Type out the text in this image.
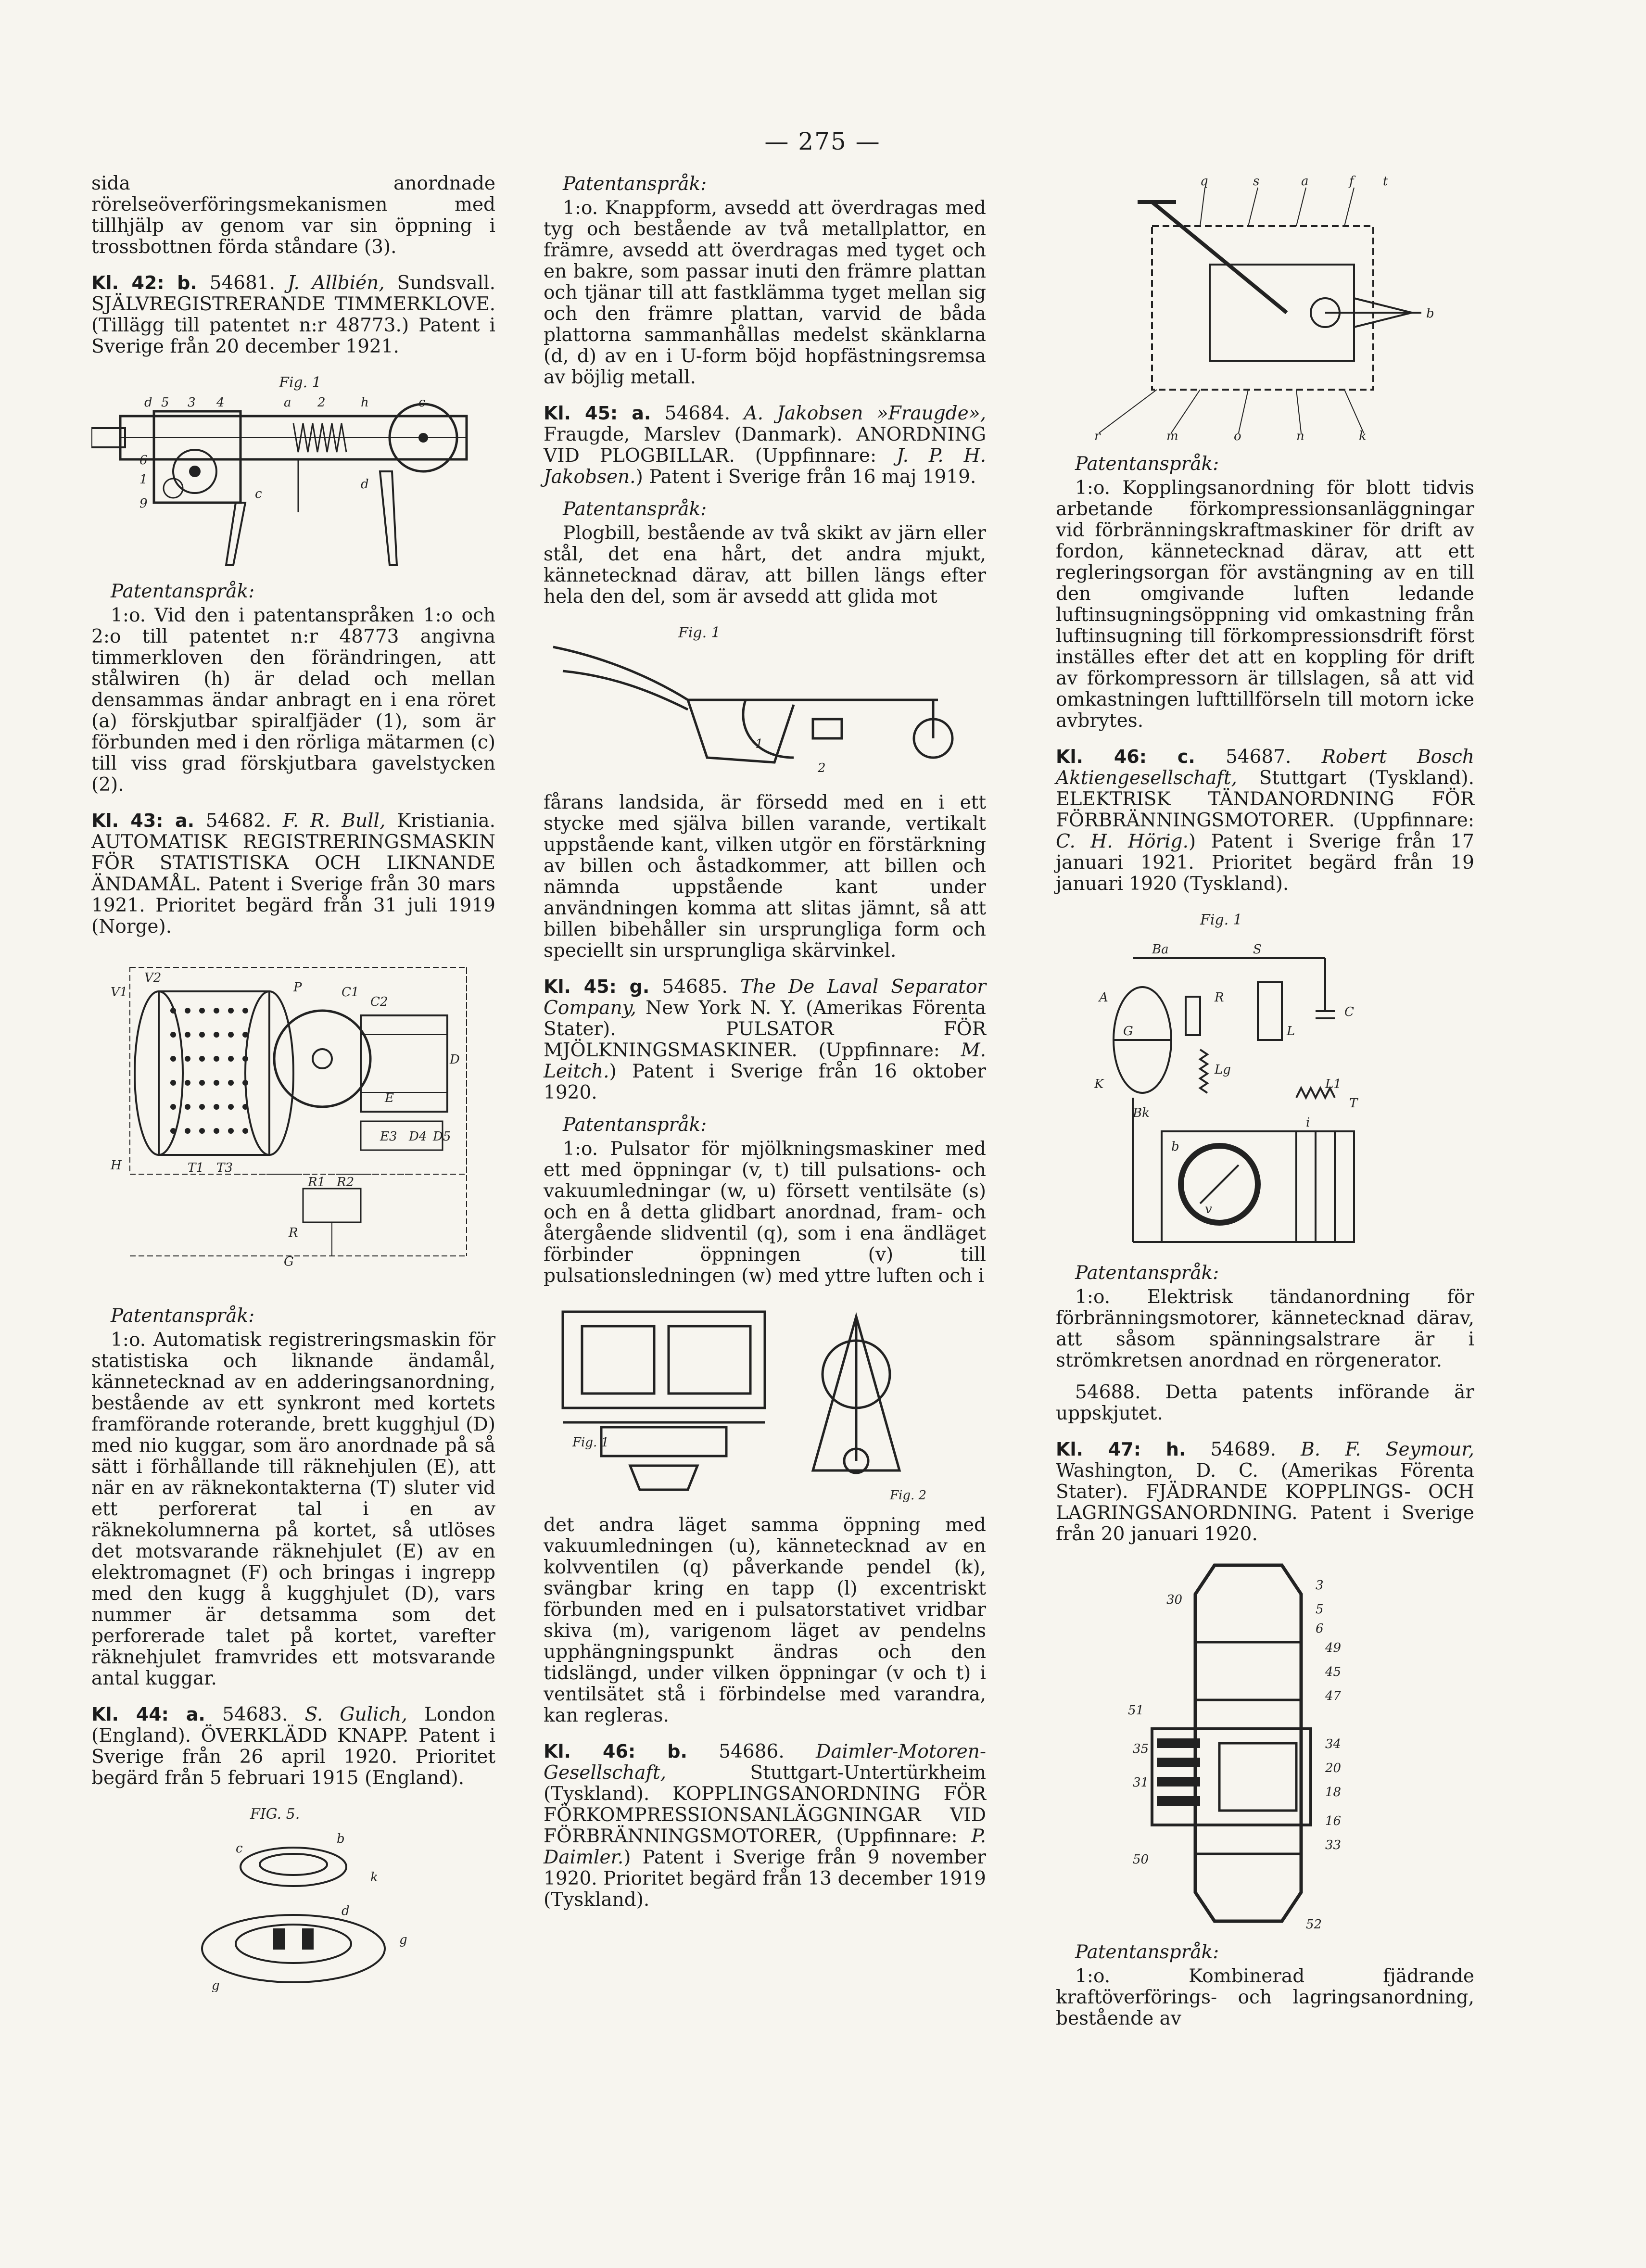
— 275 —

sida anordnade rörelseöverföringsmekanismen med tillhjälp av genom var sin öppning i trossbottnen förda ståndare (3).

Kl. 42: b. 54681. J. Allbién, Sundsvall. SJÄLVREGISTRERANDE TIMMERKLOVE. (Tillägg till patentet n:r 48773.) Patent i Sverige från 20 december 1921.

Fig. 1
d 5 3 4	a 2	h	c
6
1
9
c
d
Patentanspråk:

1:o. Vid den i patentanspråken 1:o och 2:o till patentet n:r 48773 angivna timmerkloven den förändringen, att stålwiren (h) är delad och mellan densammas ändar anbragt en i ena röret (a) förskjutbar spiralfjäder (1), som är förbunden med i den rörliga mätarmen (c) till viss grad förskjutbara gavelstycken (2).

Kl. 43: a. 54682. F. R. Bull, Kristiania. AUTOMATISK REGISTRERINGSMASKIN FÖR STATISTISKA OCH LIKNANDE ÄNDAMÅL. Patent i Sverige från 30 mars 1921. Prioritet begärd från 31 juli 1919 (Norge).

V1
V2
C1
C2
D
P
H	T1 T3
E3 D4 D5
R1 R2
R
G
E
Patentanspråk:

1:o. Automatisk registreringsmaskin för statistiska och liknande ändamål, kännetecknad av en adderingsanordning, bestående av ett synkront med kortets framförande roterande, brett kugghjul (D) med nio kuggar, som äro anordnade på så sätt i förhållande till räknehjulen (E), att när en av räknekontakterna (T) sluter vid ett perforerat tal i en av räknekolumnerna på kortet, så utlöses det motsvarande räknehjulet (E) av en elektromagnet (F) och bringas i ingrepp med den kugg å kugghjulet (D), vars nummer är detsamma som det perforerade talet på kortet, varefter räknehjulet framvrides ett motsvarande antal kuggar.

Kl. 44: a. 54683. S. Gulich, London (England). ÖVERKLÄDD KNAPP. Patent i Sverige från 26 april 1920. Prioritet begärd från 5 februari 1915 (England).

FIG. 5.
c
b
k
d
g
g
Patentanspråk:

1:o. Knappform, avsedd att överdragas med tyg och bestående av två metallplattor, en främre, avsedd att överdragas med tyget och en bakre, som passar inuti den främre plattan och tjänar till att fastklämma tyget mellan sig och den främre plattan, varvid de båda plattorna sammanhållas medelst skänklarna (d, d) av en i U-form böjd hopfästningsremsa av böjlig metall.

Kl. 45: a. 54684. A. Jakobsen »Fraugde», Fraugde, Marslev (Danmark). ANORDNING VID PLOGBILLAR. (Uppfinnare: J. P. H. Jakobsen.) Patent i Sverige från 16 maj 1919.

Patentanspråk:

Plogbill, bestående av två skikt av järn eller stål, det ena hårt, det andra mjukt, kännetecknad därav, att billen längs efter hela den del, som är avsedd att glida mot

Fig. 1
1
2

fårans landsida, är försedd med en i ett stycke med själva billen varande, vertikalt uppstående kant, vilken utgör en förstärkning av billen och åstadkommer, att billen och nämnda uppstående kant under användningen komma att slitas jämnt, så att billen bibehåller sin ursprungliga form och speciellt sin ursprungliga skärvinkel.

Kl. 45: g. 54685. The De Laval Separator Company, New York N. Y. (Amerikas Förenta Stater). PULSATOR FÖR MJÖLKNINGSMASKINER. (Uppfinnare: M. Leitch.) Patent i Sverige från 16 oktober 1920.

Patentanspråk:

1:o. Pulsator för mjölkningsmaskiner med ett med öppningar (v, t) till pulsations- och vakuumledningar (w, u) försett ventilsäte (s) och en å detta glidbart anordnad, fram- och återgående slidventil (q), som i ena ändläget förbinder öppningen (v) till pulsationsledningen (w) med yttre luften och i

Fig. 1
Fig. 2

det andra läget samma öppning med vakuumledningen (u), kännetecknad av en kolvventilen (q) påverkande pendel (k), svängbar kring en tapp (l) excentriskt förbunden med en i pulsatorstativet vridbar skiva (m), varigenom läget av pendelns upphängningspunkt ändras och den tidslängd, under vilken öppningar (v och t) i ventilsätet stå i förbindelse med varandra, kan regleras.

Kl. 46: b. 54686. Daimler-Motoren-Gesellschaft,	Stuttgart-Untertürkheim (Tyskland). KOPPLINGSANORDNING FÖR FÖRKOMPRESSIONSANLÄGGNINGAR VID FÖRBRÄNNINGSMOTORER, (Uppfinnare: P. Daimler.) Patent i Sverige från 9 november 1920. Prioritet begärd från 13 december 1919 (Tyskland).

q	s	a	f t
r	m	o	n	k
b
Patentanspråk:

1:o. Kopplingsanordning för blott tidvis arbetande förkompressionsanläggningar vid förbränningskraftmaskiner för drift av fordon, kännetecknad därav, att ett regleringsorgan för avstängning av en till den omgivande luften ledande luftinsugningsöppning vid omkastning från luftinsugning till förkompressionsdrift först inställes efter det att en koppling för drift av förkompressorn är tillslagen, så att vid omkastningen lufttillförseln till motorn icke avbrytes.

Kl. 46: c. 54687. Robert Bosch Aktiengesellschaft, Stuttgart (Tyskland). ELEKTRISK TÄNDANORDNING FÖR FÖRBRÄNNINGSMOTORER. (Uppfinnare: C. H. Hörig.) Patent i Sverige från 17 januari 1921. Prioritet begärd från 19 januari 1920 (Tyskland).

Fig. 1
Ba	S
A
C
R
G
K
L
Bk
T
Lg
b
v
i
L1
Patentanspråk:

1:o. Elektrisk tändanordning för förbränningsmotorer, kännetecknad därav, att såsom spänningsalstrare är i strömkretsen anordnad en rörgenerator.

54688. Detta patents införande är uppskjutet.

Kl. 47: h. 54689. B. F. Seymour, Washington, D. C. (Amerikas Förenta Stater). FJÄDRANDE KOPPLINGS- OCH LAGRINGSANORDNING. Patent i Sverige från 20 januari 1920.

3
30
5
6
51
49
45
47
35
31
34
20
18
16
33
50
52
Patentanspråk:

1:o. Kombinerad fjädrande kraftöverförings- och lagringsanordning, bestående av
